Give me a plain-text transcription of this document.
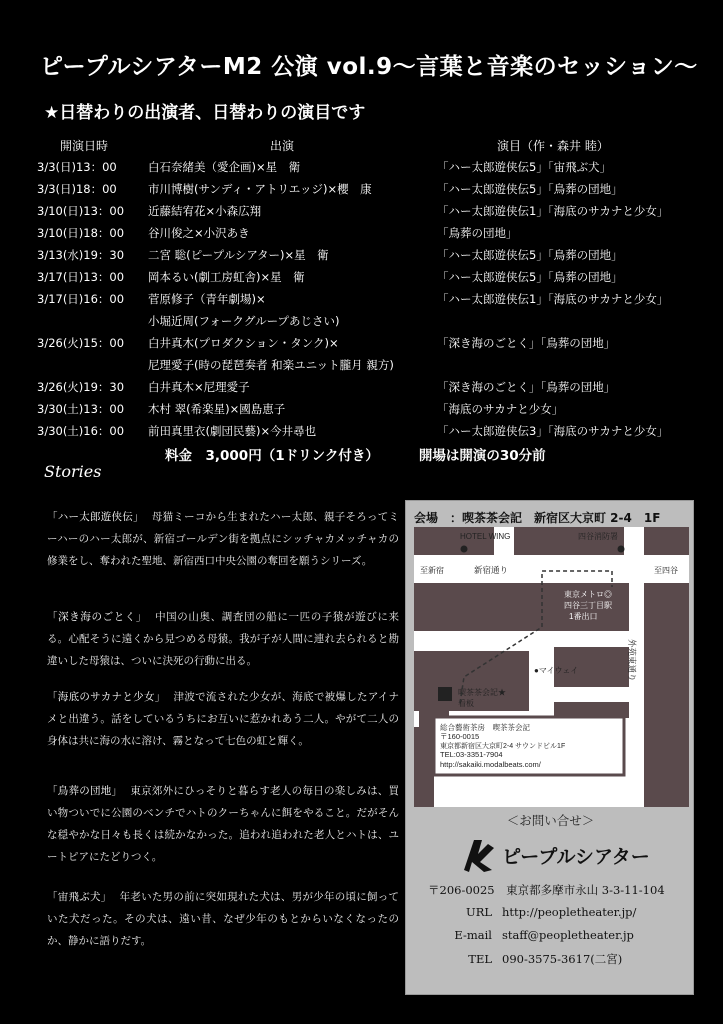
ピープルシアターM2 公演 vol.9〜言葉と音楽のセッション〜
★日替わりの出演者、日替わりの演目です
開演日時	出演	演目（作・森井 睦）
3/3(日)13：00	白石奈緒美（愛企画)×星　衛	「ハー太郎遊侠伝5」「宙飛ぶ犬」
3/3(日)18：00	市川博樹(サンディ・アトリエッジ)×櫻　康	「ハー太郎遊侠伝5」「鳥葬の団地」
3/10(日)13：00 近藤結宥花×小森広翔	「ハー太郎遊侠伝1」「海底のサカナと少女」
3/10(日)18：00 谷川俊之×小沢あき	「鳥葬の団地」
3/13(水)19：30 二宮 聡(ピープルシアター)×星　衛	「ハー太郎遊侠伝5」「鳥葬の団地」
3/17(日)13：00 岡本るい(劇工房虹舎)×星　衛	「ハー太郎遊侠伝5」「鳥葬の団地」
3/17(日)16：00 菅原修子（青年劇場)×	「ハー太郎遊侠伝1」「海底のサカナと少女」
小堀近周(フォークグループあじさい)
3/26(火)15：00 白井真木(プロダクション・タンク)×	「深き海のごとく」「鳥葬の団地」
尼理愛子(時の琵琶奏者 和楽ユニット朧月 親方)
3/26(火)19：30 白井真木×尼理愛子	「深き海のごとく」「鳥葬の団地」
3/30(土)13：00 木村 翠(希楽星)×國島恵子	「海底のサカナと少女」
3/30(土)16：00 前田真里衣(劇団民藝)×今井尋也	「ハー太郎遊侠伝3」「海底のサカナと少女」
料金　3,000円（1ドリンク付き）	開場は開演の30分前
Stories
「ハー太郎遊侠伝」 母猫ミーコから生まれたハー太郎、親子そろってミーハーのハー太郎が、新宿ゴールデン街を拠点にシッチャカメッチャカの修業をし、奪われた聖地、新宿西口中央公園の奪回を願うシリーズ。
「深き海のごとく」 中国の山奥、調査団の船に一匹の子猿が遊びに来る。心配そうに遠くから見つめる母猿。我が子が人間に連れ去られると勘違いした母猿は、ついに決死の行動に出る。
「海底のサカナと少女」 津波で流された少女が、海底で被爆したアイナメと出違う。話をしているうちにお互いに惹かれあう二人。やがて二人の身体は共に海の水に溶け、霧となって七色の虹と輝く。
「鳥葬の団地」 東京郊外にひっそりと暮らす老人の毎日の楽しみは、買い物ついでに公園のベンチでハトのクーちゃんに餌をやること。だがそんな穏やかな日々も長くは続かなかった。追われ追われた老人とハトは、ユートピアにたどりつく。
「宙飛ぶ犬」 年老いた男の前に突如現れた犬は、男が少年の頃に飼っていた犬だった。その犬は、遠い昔、なぜ少年のもとからいなくなったのか、静かに語りだす。
会場　：喫茶茶会記　新宿区大京町 2-4　1F
HOTEL WING	四谷消防署
至新宿	新宿通り	至四谷
東京メトロ◎
四谷三丁目駅
1番出口
外苑東通り
●マイウェイ
喫茶茶会記★
看板
総合藝術茶房　喫茶茶会記
〒160-0015
東京都新宿区大京町2-4 サウンドビル1F
TEL:03-3351-7904
http://sakaiki.modalbeats.com/
＜お問い合せ＞
ピープルシアター
〒206-0025　東京都多摩市永山 3-3-11-104
URL http://peopletheater.jp/
E-mail staff@peopletheater.jp
TEL 090-3575-3617(二宮)
